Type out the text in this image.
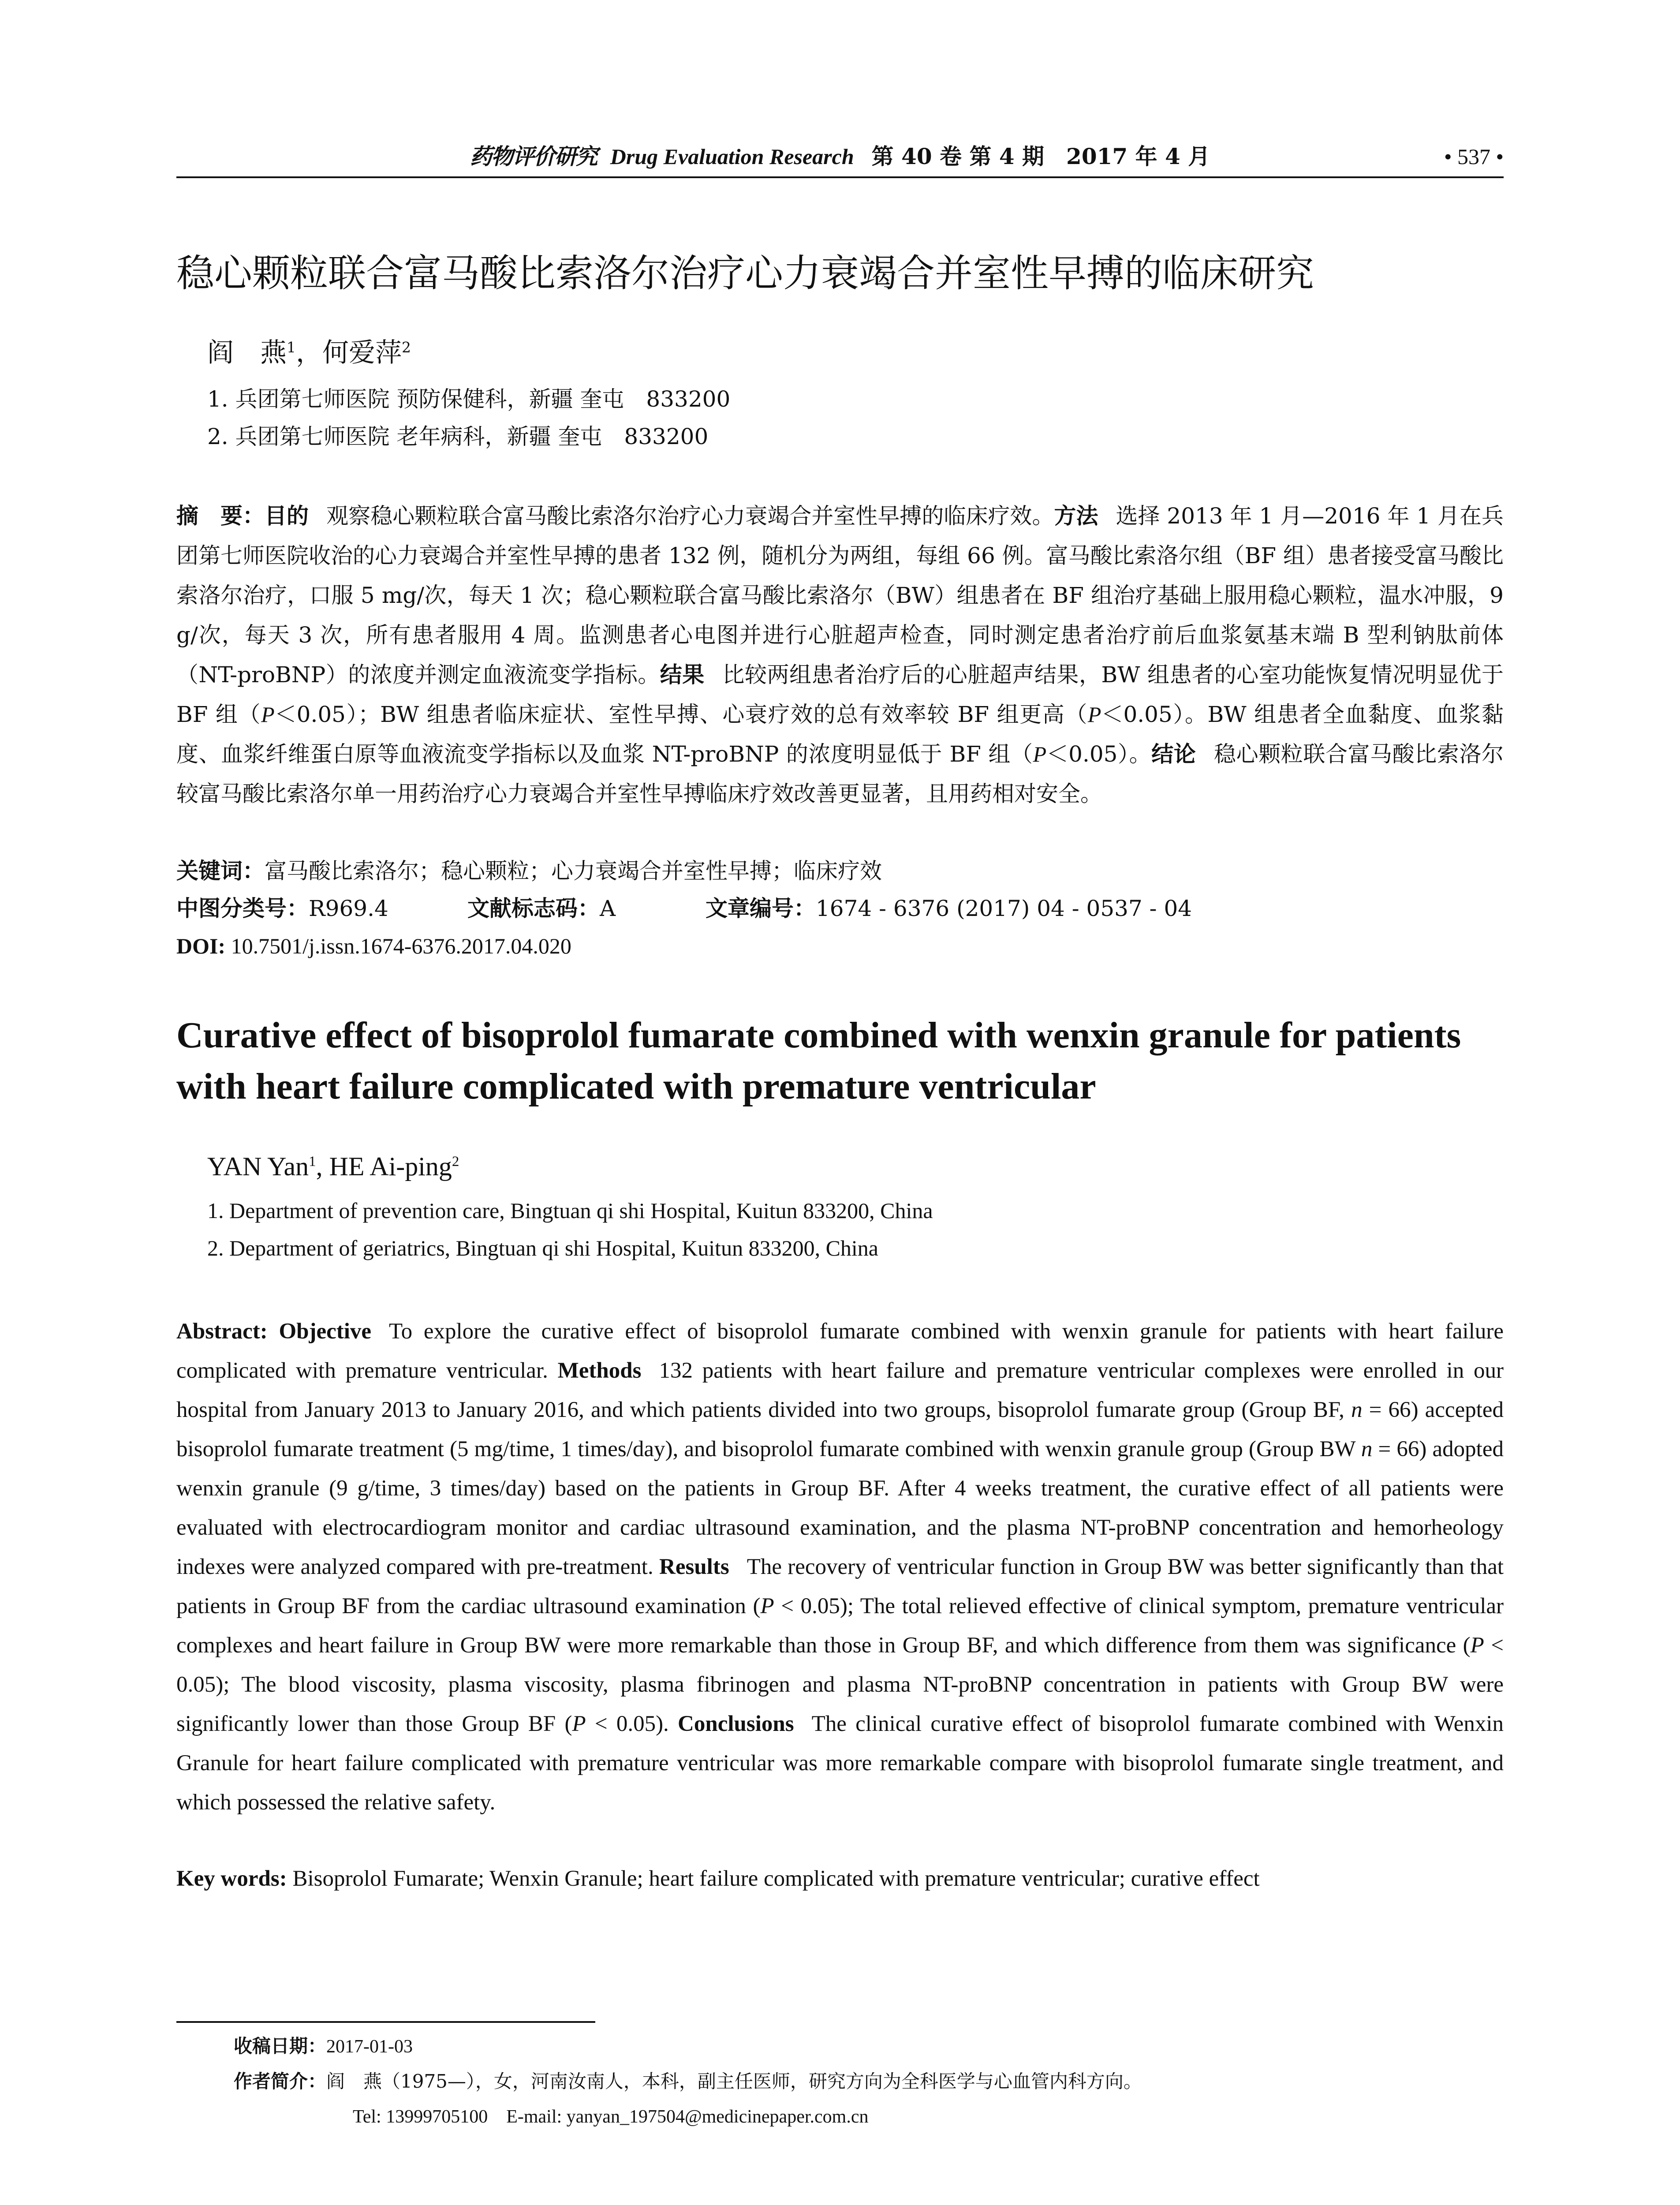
药物评价研究 Drug Evaluation Research 第 40 卷 第 4 期　2017 年 4 月	• 537 •
稳心颗粒联合富马酸比索洛尔治疗心力衰竭合并室性早搏的临床研究
阎　燕$^1$，何爱萍$^2$
1. 兵团第七师医院 预防保健科，新疆 奎屯　833200
2. 兵团第七师医院 老年病科，新疆 奎屯　833200
摘　要：目的 观察稳心颗粒联合富马酸比索洛尔治疗心力衰竭合并室性早搏的临床疗效。方法 选择 2013 年 1 月—2016 年 1 月在兵团第七师医院收治的心力衰竭合并室性早搏的患者 132 例，随机分为两组，每组 66 例。富马酸比索洛尔组（BF 组）患者接受富马酸比索洛尔治疗，口服 5 mg/次，每天 1 次；稳心颗粒联合富马酸比索洛尔（BW）组患者在 BF 组治疗基础上服用稳心颗粒，温水冲服，9 g/次，每天 3 次，所有患者服用 4 周。监测患者心电图并进行心脏超声检查，同时测定患者治疗前后血浆氨基末端 B 型利钠肽前体（NT-proBNP）的浓度并测定血液流变学指标。结果 比较两组患者治疗后的心脏超声结果，BW 组患者的心室功能恢复情况明显优于 BF 组（P＜0.05）；BW 组患者临床症状、室性早搏、心衰疗效的总有效率较 BF 组更高（P＜0.05）。BW 组患者全血黏度、血浆黏度、血浆纤维蛋白原等血液流变学指标以及血浆 NT-proBNP 的浓度明显低于 BF 组（P＜0.05）。结论 稳心颗粒联合富马酸比索洛尔较富马酸比索洛尔单一用药治疗心力衰竭合并室性早搏临床疗效改善更显著，且用药相对安全。
关键词：富马酸比索洛尔；稳心颗粒；心力衰竭合并室性早搏；临床疗效
中图分类号：R969.4	文献标志码：A	文章编号：1674 - 6376 (2017) 04 - 0537 - 04
DOI: 10.7501/j.issn.1674-6376.2017.04.020
Curative effect of bisoprolol fumarate combined with wenxin granule for patients with heart failure complicated with premature ventricular
YAN Yan$^1$, HE Ai-ping$^2$
1. Department of prevention care, Bingtuan qi shi Hospital, Kuitun 833200, China
2. Department of geriatrics, Bingtuan qi shi Hospital, Kuitun 833200, China
Abstract: Objective To explore the curative effect of bisoprolol fumarate combined with wenxin granule for patients with heart failure complicated with premature ventricular. Methods 132 patients with heart failure and premature ventricular complexes were enrolled in our hospital from January 2013 to January 2016, and which patients divided into two groups, bisoprolol fumarate group (Group BF, n = 66) accepted bisoprolol fumarate treatment (5 mg/time, 1 times/day), and bisoprolol fumarate combined with wenxin granule group (Group BW n = 66) adopted wenxin granule (9 g/time, 3 times/day) based on the patients in Group BF. After 4 weeks treatment, the curative effect of all patients were evaluated with electrocardiogram monitor and cardiac ultrasound examination, and the plasma NT-proBNP concentration and hemorheology indexes were analyzed compared with pre-treatment. Results The recovery of ventricular function in Group BW was better significantly than that patients in Group BF from the cardiac ultrasound examination (P < 0.05); The total relieved effective of clinical symptom, premature ventricular complexes and heart failure in Group BW were more remarkable than those in Group BF, and which difference from them was significance (P < 0.05); The blood viscosity, plasma viscosity, plasma fibrinogen and plasma NT-proBNP concentration in patients with Group BW were significantly lower than those Group BF (P < 0.05). Conclusions The clinical curative effect of bisoprolol fumarate combined with Wenxin Granule for heart failure complicated with premature ventricular was more remarkable compare with bisoprolol fumarate single treatment, and which possessed the relative safety.
Key words: Bisoprolol Fumarate; Wenxin Granule; heart failure complicated with premature ventricular; curative effect
收稿日期：2017-01-03
作者简介：阎　燕（1975—），女，河南汝南人，本科，副主任医师，研究方向为全科医学与心血管内科方向。
Tel: 13999705100　E-mail: yanyan_197504@medicinepaper.com.cn
